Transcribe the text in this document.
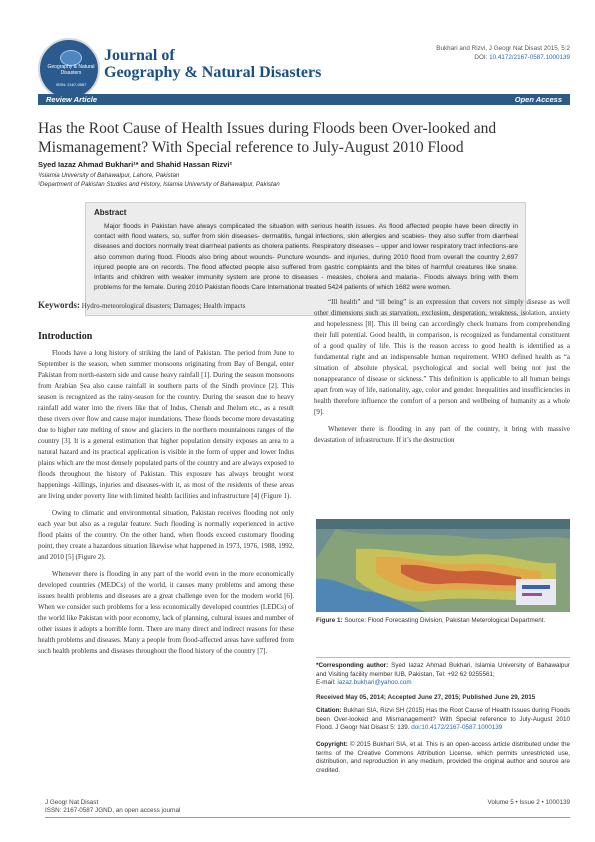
Geography & Natural Disasters
ISSN: 2167-0587
Journal of
Geography & Natural Disasters
Bukhari and Rizvi, J Geogr Nat Disast 2015, 5:2
DOI: 10.4172/2167-0587.1000139
Review Article	Open Access
Has the Root Cause of Health Issues during Floods been Over-looked and Mismanagement? With Special reference to July-August 2010 Flood
Syed Iazaz Ahmad Bukhari¹* and Shahid Hassan Rizvi²
¹Islamia University of Bahawalpur, Lahore, Pakistan
²Department of Pakistan Studies and History, Islamia University of Bahawalpur, Pakistan
Abstract
Major floods in Pakistan have always complicated the situation with serious health issues. As flood affected people have been directly in contact with flood waters, so, suffer from skin diseases- dermatitis, fungal infections, skin allergies and scabies- they also suffer from diarrheal diseases and doctors normally treat diarrheal patients as cholera patients. Respiratory diseases – upper and lower respiratory tract infections-are also common during flood. Floods also bring about wounds- Puncture wounds- and injuries, during 2010 flood from overall the country 2,697 injured people are on records. The flood affected people also suffered from gastric complaints and the bites of harmful creatures like snake. Infants and children with weaker immunity system are prone to diseases - measles, cholera and malaria-. Floods always bring with them problems for the female. During 2010 Pakistan floods Care International treated 5424 patients of which 1682 were women.

Keywords: Hydro-meteorological disasters; Damages; Health impacts

Introduction

Floods have a long history of striking the land of Pakistan. The period from June to September is the season, when summer monsoons originating from Bay of Bengal, enter Pakistan from north-eastern side and cause heavy rainfall [1]. During the season monsoons from Arabian Sea also cause rainfall in southern parts of the Sindh province [2]. This season is recognized as the rainy-season for the country. During the season due to heavy rainfall add water into the rivers like that of Indus, Chenab and Jhelum etc., as a result these rivers over flow and cause major inundations. These floods become more devastating due to higher rate melting of snow and glaciers in the northern mountainous ranges of the country [3]. It is a general estimation that higher population density exposes an area to a natural hazard and its practical application is visible in the form of upper and lower Indus plains which are the most densely populated parts of the country and are always exposed to floods throughout the history of Pakistan. This exposure has always brought worst happenings -killings, injuries and diseases-with it, as most of the residents of these areas are living under poverty line with limited health facilities and infrastructure [4] (Figure 1).

Owing to climatic and environmental situation, Pakistan receives flooding not only each year but also as a regular feature. Such flooding is normally experienced in active flood plains of the country. On the other hand, when floods exceed customary flooding point, they create a hazardous situation likewise what happened in 1973, 1976, 1988, 1992, and 2010 [5] (Figure 2).

Whenever there is flooding in any part of the world even in the more economically developed countries (MEDCs) of the world, it causes many problems and among these issues health problems and diseases are a great challenge even for the modern world [6]. When we consider such problems for a less economically developed countries (LEDCs) of the world like Pakistan with poor economy, lack of planning, cultural issues and number of other issues it adopts a horrible form. There are many direct and indirect reasons for these health problems and diseases. Many a people from flood-affected areas have suffered from such health problems and diseases throughout the flood history of the country [7].

“Ill health” and “ill being” is an expression that covers not simply disease as well other dimensions such as starvation, exclusion, desperation, weakness, isolation, anxiety and hopelessness [8]. This ill being can accordingly check humans from comprehending their full potential. Good health, in comparison, is recognized as fundamental constituent of a good quality of life. This is the reason access to good health is identified as a fundamental right and an indispensable human requirement. WHO defined health as “a situation of absolute physical, psychological and social well being not just the nonappearance of disease or sickness.” This definition is applicable to all human beings apart from way of life, nationality, age, color and gender. Inequalities and insufficiencies in health therefore influence the comfort of a person and wellbeing of humanity as a whole [9].

Whenever there is flooding in any part of the country, it bring with massive devastation of infrastructure. If it’s the destruction

Figure 1: Source: Flood Forecasting Division, Pakistan Meterological Department.
*Corresponding author: Syed Iazaz Ahmad Bukhari, Islamia University of Bahawalpur and Visiting facility member IUB, Pakistan, Tel: +92 62 9255561;
E-mail: iazaz.bukhari@yahoo.com
Received May 05, 2014; Accepted June 27, 2015; Published June 29, 2015
Citation: Bukhari SIA, Rizvi SH (2015) Has the Root Cause of Health Issues during Floods been Over-looked and Mismanagement? With Special reference to July-August 2010 Flood. J Geogr Nat Disast 5: 139. doi:10.4172/2167-0587.1000139
Copyright: © 2015 Bukhari SIA, et al. This is an open-access article distributed under the terms of the Creative Commons Attribution License, which permits unrestricted use, distribution, and reproduction in any medium, provided the original author and source are credited.
J Geogr Nat Disast
ISSN: 2167-0587 JGND, an open access journal
Volume 5 • Issue 2 • 1000139
